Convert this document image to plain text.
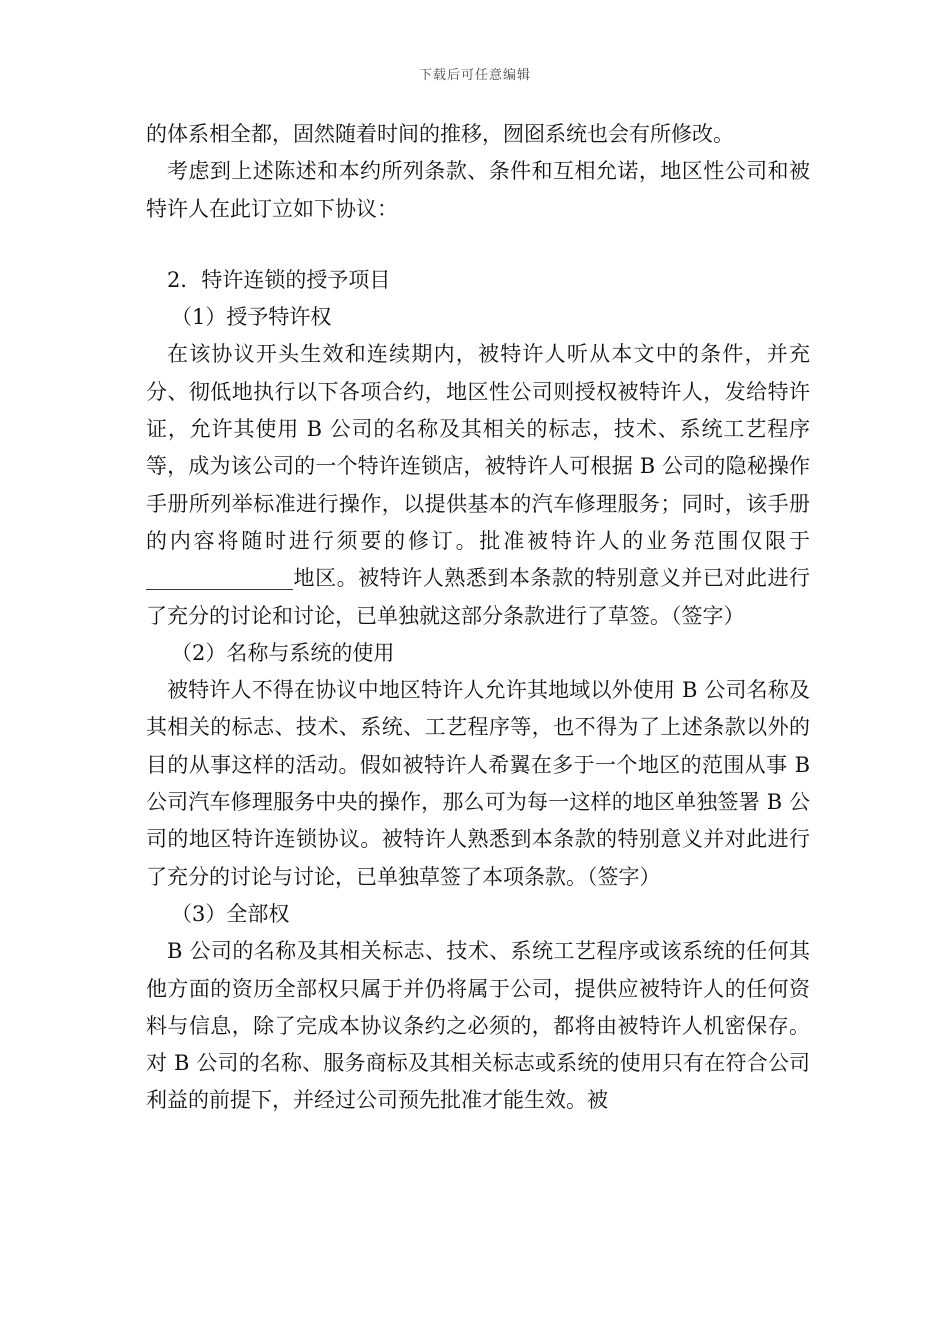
下载后可任意编辑

的体系相全都，固然随着时间的推移，囫囵系统也会有所修改。

考虑到上述陈述和本约所列条款、条件和互相允诺，地区性公司和被特许人在此订立如下协议：

2．特许连锁的授予项目

（1）授予特许权

在该协议开头生效和连续期内，被特许人听从本文中的条件，并充分、彻低地执行以下各项合约，地区性公司则授权被特许人，发给特许证，允许其使用 B 公司的名称及其相关的标志，技术、系统工艺程序等，成为该公司的一个特许连锁店，被特许人可根据 B 公司的隐秘操作手册所列举标准进行操作，以提供基本的汽车修理服务；同时，该手册的内容将随时进行须要的修订。批准被特许人的业务范围仅限于______________地区。被特许人熟悉到本条款的特别意义并已对此进行了充分的讨论和讨论，已单独就这部分条款进行了草签。（签字）

（2）名称与系统的使用

被特许人不得在协议中地区特许人允许其地域以外使用 B 公司名称及其相关的标志、技术、系统、工艺程序等，也不得为了上述条款以外的目的从事这样的活动。假如被特许人希翼在多于一个地区的范围从事 B 公司汽车修理服务中央的操作，那么可为每一这样的地区单独签署 B 公司的地区特许连锁协议。被特许人熟悉到本条款的特别意义并对此进行了充分的讨论与讨论，已单独草签了本项条款。（签字）

（3）全部权

B 公司的名称及其相关标志、技术、系统工艺程序或该系统的任何其他方面的资历全部权只属于并仍将属于公司，提供应被特许人的任何资料与信息，除了完成本协议条约之必须的，都将由被特许人机密保存。对 B 公司的名称、服务商标及其相关标志或系统的使用只有在符合公司利益的前提下，并经过公司预先批准才能生效。被
